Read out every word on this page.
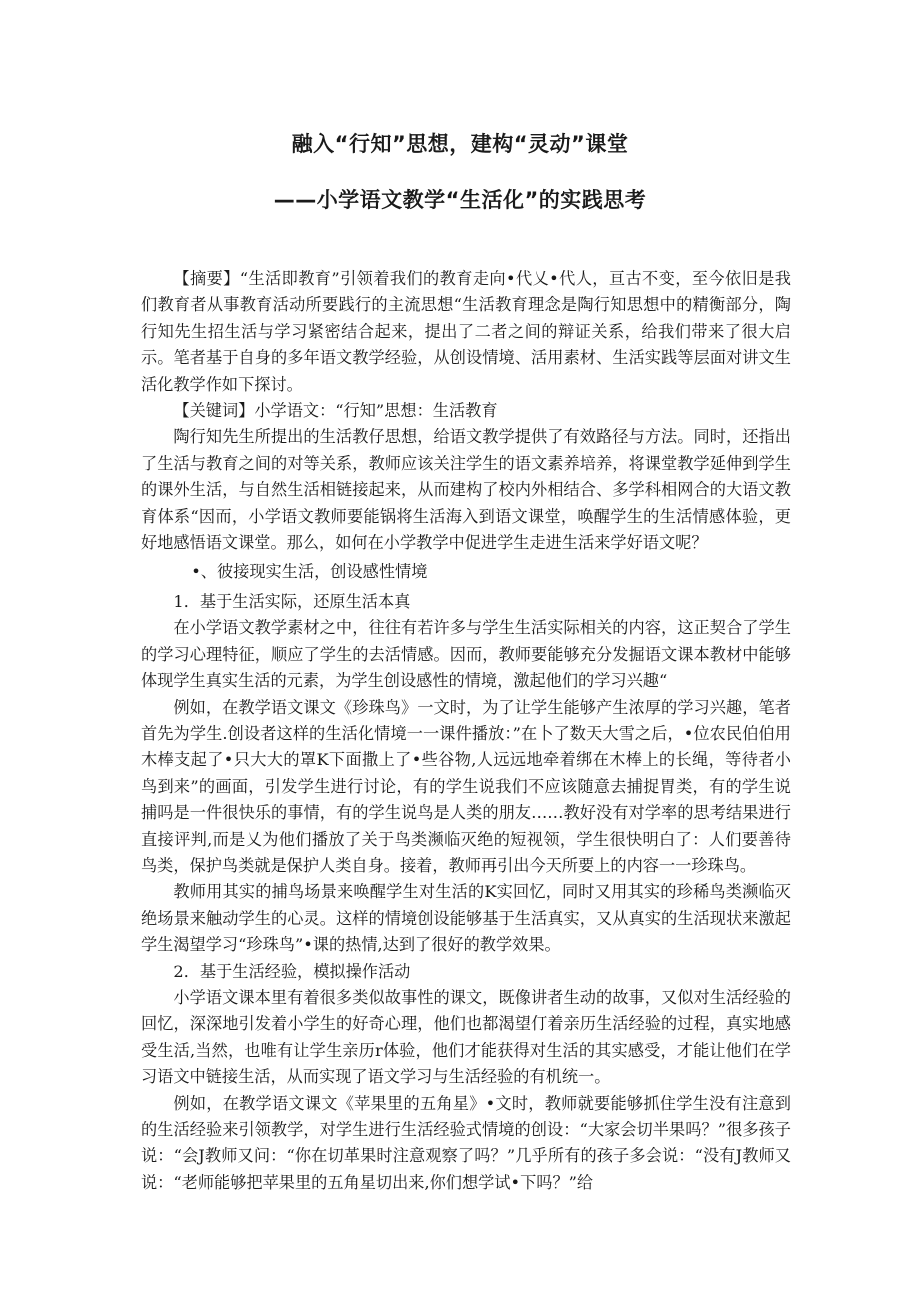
融入“行知”思想，建构“灵动”课堂
——小学语文教学“生活化”的实践思考

【摘要】“生活即教育”引领着我们的教育走向•代乂•代人，亘古不变，至今依旧是我们教育者从事教育活动所要践行的主流思想“生活教育理念是陶行知思想中的精衡部分，陶行知先生招生活与学习紧密结合起来，提出了二者之间的辩证关系，给我们带来了很大启示。笔者基于自身的多年语文教学经验，从创设情境、活用素材、生活实践等层面对讲文生活化教学作如下探讨。

【关键词】小学语文：“行知”思想：生活教育

陶行知先生所提出的生活教仔思想，给语文教学提供了有效路径与方法。同时，还指出了生活与教育之间的对等关系，教师应该关注学生的语文素养培养，将课堂教学延伸到学生的课外生活，与自然生活相链接起来，从而建构了校内外相结合、多学科相网合的大语文教育体系“因而，小学语文教师要能锅将生活海入到语文课堂，唤醒学生的生活情感体验，更好地感悟语文课堂。那么，如何在小学教学中促进学生走进生活来学好语文呢？

•、彼接现实生活，创设感性情境

1．基于生活实际，还原生活本真

在小学语文教学素材之中，往往有若许多与学生生活实际相关的内容，这正契合了学生的学习心理特征，顺应了学生的去活情感。因而，教师要能够充分发掘语文课本教材中能够体现学生真实生活的元素，为学生创设感性的情境，激起他们的学习兴趣“

例如，在教学语文课文《珍珠鸟》一文时，为了让学生能够产生浓厚的学习兴趣，笔者首先为学生.创设者这样的生活化情境一一课件播放：”在卜了数天大雪之后，•位农民伯伯用木棒支起了•只大大的罩K下面撒上了•些谷物,人远远地牵着绑在木棒上的长绳，等待者小鸟到来”的画面，引发学生进行讨论，有的学生说我们不应该随意去捕捉胃类，有的学生说捕吗是一件很快乐的事情，有的学生说鸟是人类的朋友……教好没有对学率的思考结果进行直接评判,而是乂为他们播放了关于鸟类濒临灭绝的短视领，学生很快明白了：人们要善待鸟类，保护鸟类就是保护人类自身。接着，教师再引出今天所要上的内容一一珍珠鸟。

教师用其实的捕鸟场景来唤醒学生对生活的K实回忆，同时又用其实的珍稀鸟类濒临灭绝场景来触动学生的心灵。这样的情境创设能够基于生活真实，又从真实的生活现状来激起学生渴望学习“珍珠鸟”•课的热情,达到了很好的教学效果。

2．基于生活经验，模拟操作活动

小学语文课本里有着很多类似故事性的课文，既像讲者生动的故事，又似对生活经验的回忆，深深地引发着小学生的好奇心理，他们也都渴望仃着亲历生活经验的过程，真实地感受生活,当然，也唯有让学生亲历r体验，他们才能获得对生活的其实感受，才能让他们在学习语文中链接生活，从而实现了语文学习与生活经验的有机统一。

例如，在教学语文课文《苹果里的五角星》•文时，教师就要能够抓住学生没有注意到的生活经验来引领教学，对学生进行生活经验式情境的创设：“大家会切半果吗？”很多孩子说：“会J教师又问：“你在切革果时注意观察了吗？”几乎所有的孩子多会说：“没有J教师又说：“老师能够把苹果里的五角星切出来,你们想学试•下吗？”给
